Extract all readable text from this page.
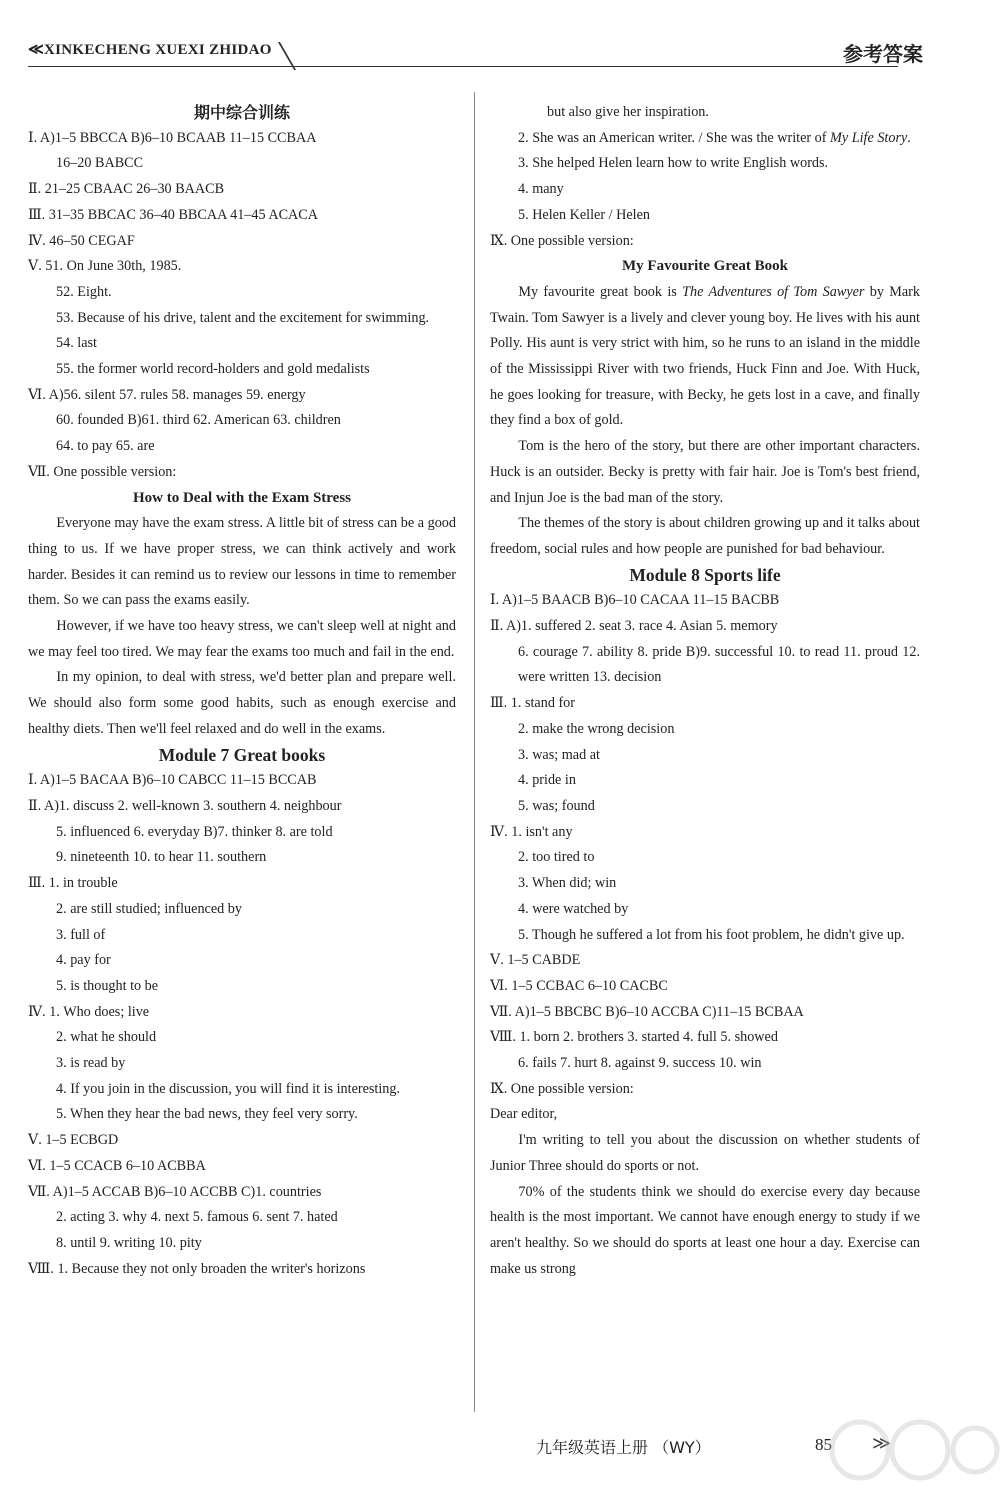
≪XINKECHENG XUEXI ZHIDAO	参考答案
期中综合训练
Ⅰ. A)1–5 BBCCA B)6–10 BCAAB 11–15 CCBAA
16–20 BABCC
Ⅱ. 21–25 CBAAC 26–30 BAACB
Ⅲ. 31–35 BBCAC 36–40 BBCAA 41–45 ACACA
Ⅳ. 46–50 CEGAF
Ⅴ. 51. On June 30th, 1985.
52. Eight.
53. Because of his drive, talent and the excitement for swimming.
54. last
55. the former world record-holders and gold medalists
Ⅵ. A)56. silent 57. rules 58. manages 59. energy
60. founded B)61. third 62. American 63. children
64. to pay 65. are
Ⅶ. One possible version:
How to Deal with the Exam Stress
Everyone may have the exam stress. A little bit of stress can be a good thing to us. If we have proper stress, we can think actively and work harder. Besides it can remind us to review our lessons in time to remember them. So we can pass the exams easily.
However, if we have too heavy stress, we can't sleep well at night and we may feel too tired. We may fear the exams too much and fail in the end.
In my opinion, to deal with stress, we'd better plan and prepare well. We should also form some good habits, such as enough exercise and healthy diets. Then we'll feel relaxed and do well in the exams.
Module 7 Great books
Ⅰ. A)1–5 BACAA B)6–10 CABCC 11–15 BCCAB
Ⅱ. A)1. discuss 2. well-known 3. southern 4. neighbour
5. influenced 6. everyday B)7. thinker 8. are told
9. nineteenth 10. to hear 11. southern
Ⅲ. 1. in trouble
2. are still studied; influenced by
3. full of
4. pay for
5. is thought to be
Ⅳ. 1. Who does; live
2. what he should
3. is read by
4. If you join in the discussion, you will find it is interesting.
5. When they hear the bad news, they feel very sorry.
Ⅴ. 1–5 ECBGD
Ⅵ. 1–5 CCACB 6–10 ACBBA
Ⅶ. A)1–5 ACCAB B)6–10 ACCBB C)1. countries
2. acting 3. why 4. next 5. famous 6. sent 7. hated
8. until 9. writing 10. pity
Ⅷ. 1. Because they not only broaden the writer's horizons
but also give her inspiration.
2. She was an American writer. / She was the writer of My Life Story.
3. She helped Helen learn how to write English words.
4. many
5. Helen Keller / Helen
Ⅸ. One possible version:
My Favourite Great Book
My favourite great book is The Adventures of Tom Sawyer by Mark Twain. Tom Sawyer is a lively and clever young boy. He lives with his aunt Polly. His aunt is very strict with him, so he runs to an island in the middle of the Mississippi River with two friends, Huck Finn and Joe. With Huck, he goes looking for treasure, with Becky, he gets lost in a cave, and finally they find a box of gold.
Tom is the hero of the story, but there are other important characters. Huck is an outsider. Becky is pretty with fair hair. Joe is Tom's best friend, and Injun Joe is the bad man of the story.
The themes of the story is about children growing up and it talks about freedom, social rules and how people are punished for bad behaviour.
Module 8 Sports life
Ⅰ. A)1–5 BAACB B)6–10 CACAA 11–15 BACBB
Ⅱ. A)1. suffered 2. seat 3. race 4. Asian 5. memory
6. courage 7. ability 8. pride B)9. successful 10. to read 11. proud 12. were written 13. decision
Ⅲ. 1. stand for
2. make the wrong decision
3. was; mad at
4. pride in
5. was; found
Ⅳ. 1. isn't any
2. too tired to
3. When did; win
4. were watched by
5. Though he suffered a lot from his foot problem, he didn't give up.
Ⅴ. 1–5 CABDE
Ⅵ. 1–5 CCBAC 6–10 CACBC
Ⅶ. A)1–5 BBCBC B)6–10 ACCBA C)11–15 BCBAA
Ⅷ. 1. born 2. brothers 3. started 4. full 5. showed
6. fails 7. hurt 8. against 9. success 10. win
Ⅸ. One possible version:
Dear editor,
I'm writing to tell you about the discussion on whether students of Junior Three should do sports or not.
70% of the students think we should do exercise every day because health is the most important. We cannot have enough energy to study if we aren't healthy. So we should do sports at least one hour a day. Exercise can make us strong
九年级英语上册 （WY）	85 ≫
